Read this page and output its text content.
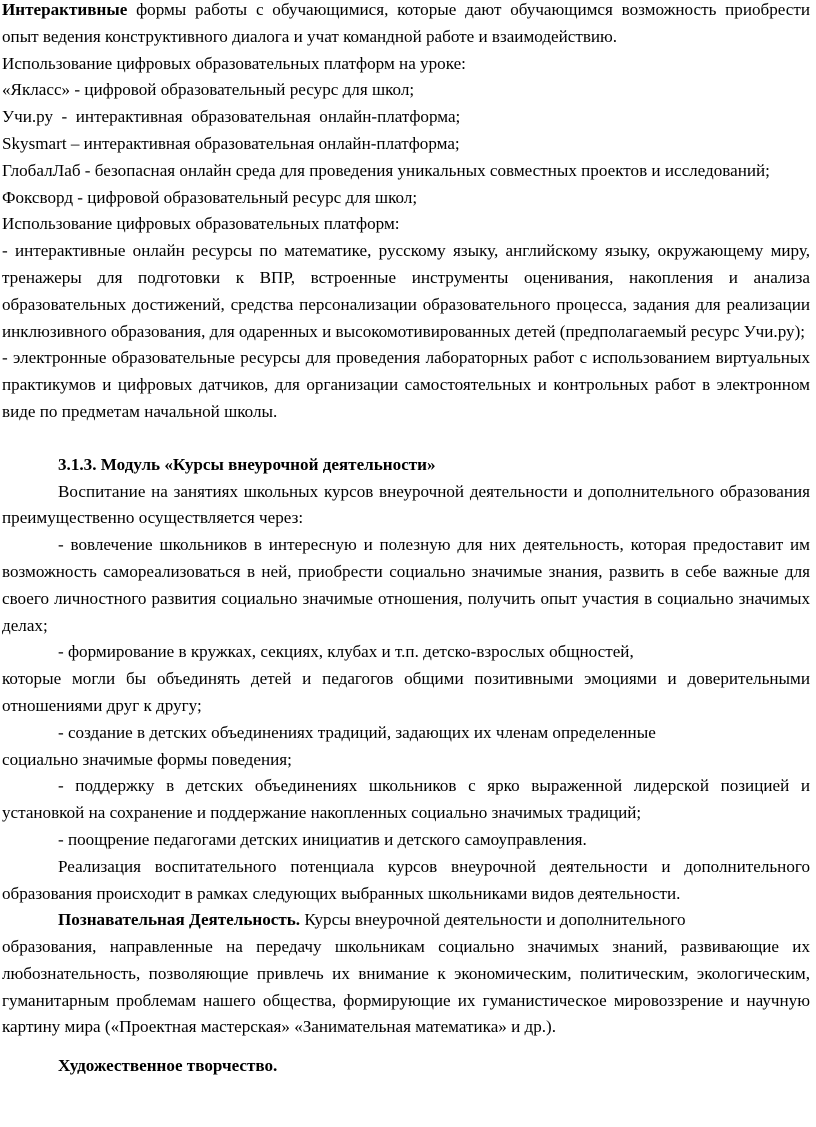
Интерактивные формы работы с обучающимися, которые дают обучающимся возможность приобрести опыт ведения конструктивного диалога и учат командной работе и взаимодействию.

Использование цифровых образовательных платформ на уроке:

«Якласс» - цифровой образовательный ресурс для школ;

Учи.ру  -  интерактивная  образовательная  онлайн-платформа;

Skysmart – интерактивная образовательная онлайн-платформа;

ГлобалЛаб - безопасная онлайн среда для проведения уникальных совместных проектов и исследований;

Фоксворд - цифровой образовательный ресурс для школ;

Использование цифровых образовательных платформ:

- интерактивные онлайн ресурсы по математике, русскому языку, английскому языку, окружающему миру, тренажеры для подготовки к ВПР, встроенные инструменты оценивания, накопления и анализа образовательных достижений, средства персонализации образовательного процесса, задания для реализации инклюзивного образования, для одаренных и высокомотивированных детей (предполагаемый ресурс Учи.ру);

- электронные образовательные ресурсы для проведения лабораторных работ с использованием виртуальных практикумов и цифровых датчиков, для организации самостоятельных и контрольных работ в электронном виде по предметам начальной школы.

3.1.3. Модуль «Курсы внеурочной деятельности»

Воспитание на занятиях школьных курсов внеурочной деятельности и дополнительного образования преимущественно осуществляется через:

- вовлечение школьников в интересную и полезную для них деятельность, которая предоставит им возможность самореализоваться в ней, приобрести социально значимые знания, развить в себе важные для своего личностного развития социально значимые отношения, получить опыт участия в социально значимых делах;

- формирование в кружках, секциях, клубах и т.п. детско-взрослых общностей,

которые могли бы объединять детей и педагогов общими позитивными эмоциями и доверительными отношениями друг к другу;

- создание в детских объединениях традиций, задающих их членам определенные

социально значимые формы поведения;

- поддержку в детских объединениях школьников с ярко выраженной лидерской позицией и установкой на сохранение и поддержание накопленных социально значимых традиций;

- поощрение педагогами детских инициатив и детского самоуправления.

Реализация воспитательного потенциала курсов внеурочной деятельности и дополнительного образования происходит в рамках следующих выбранных школьниками видов деятельности.

Познавательная Деятельность. Курсы внеурочной деятельности и дополнительного

образования, направленные на передачу школьникам социально значимых знаний, развивающие их любознательность, позволяющие привлечь их внимание к экономическим, политическим, экологическим, гуманитарным проблемам нашего общества, формирующие их гуманистическое мировоззрение и научную картину мира («Проектная мастерская» «Занимательная математика» и др.).

Художественное творчество.
